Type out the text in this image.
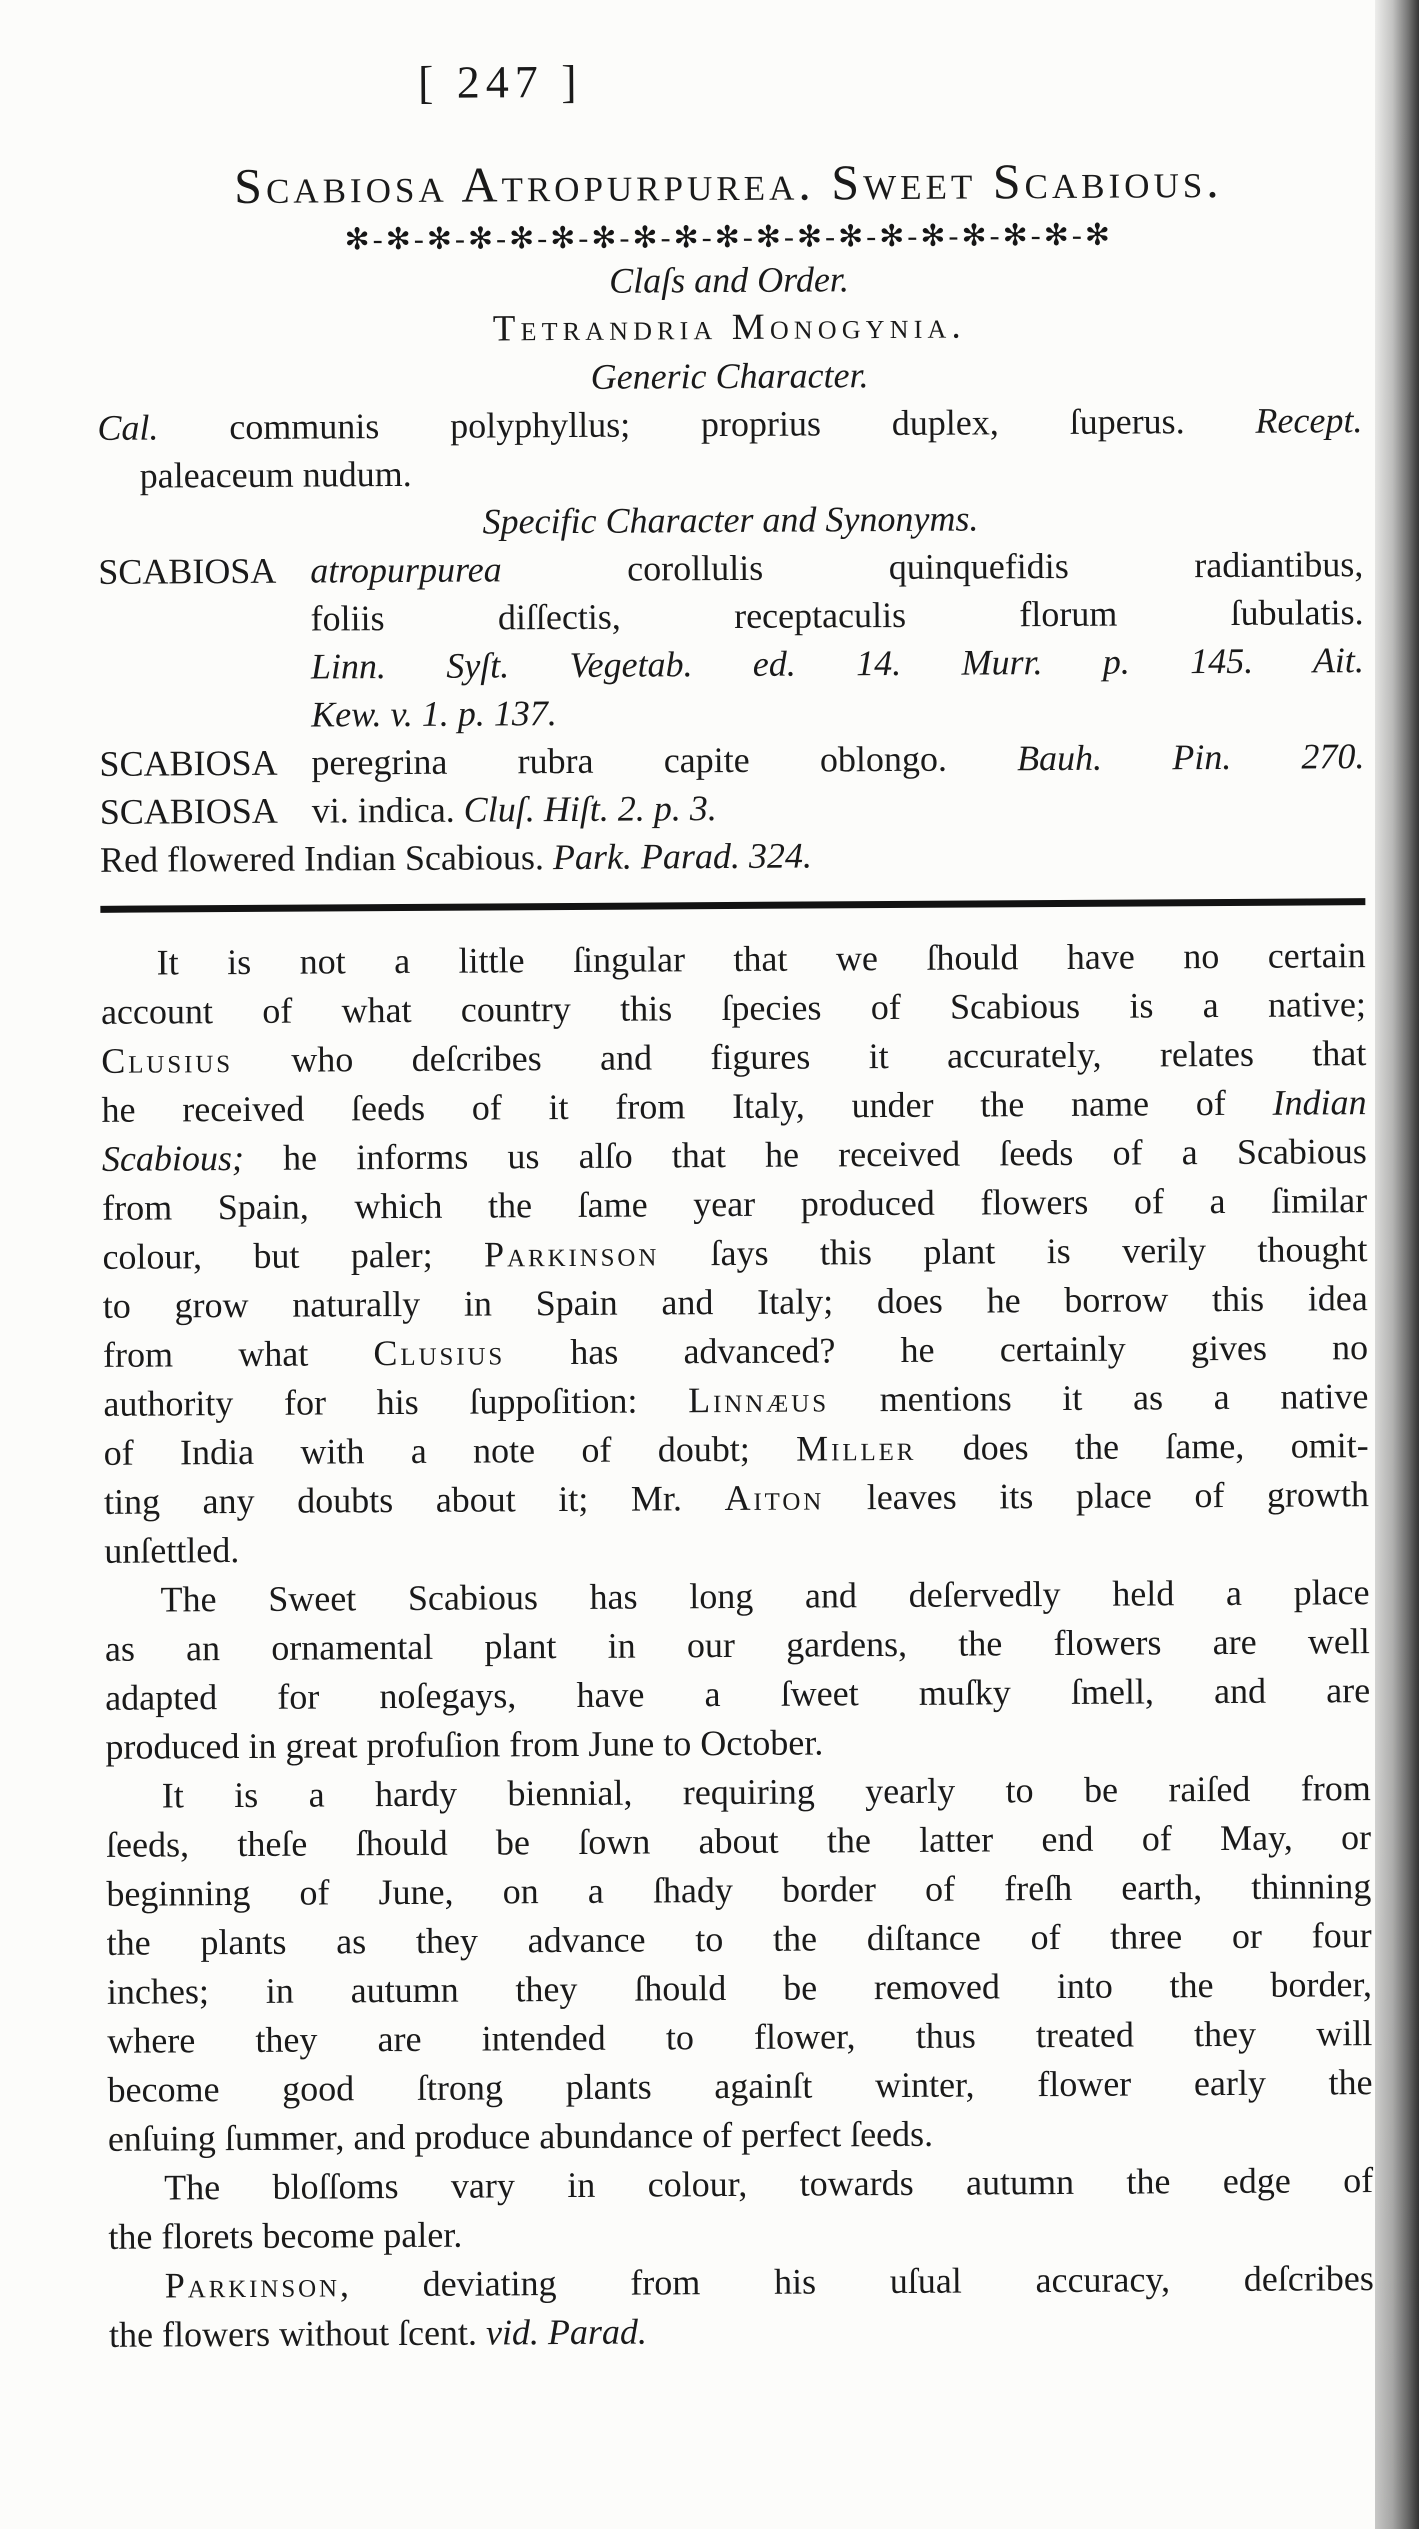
[ 247 ]
Scabiosa Atropurpurea. Sweet Scabious.
✻-✻-✻-✻-✻-✻-✻-✻-✻-✻-✻-✻-✻-✻-✻-✻-✻-✻-✻
Claſs and Order.
Tetrandria Monogynia.
Generic Character.
Cal. communis polyphyllus; proprius duplex, ſuperus. Recept.
paleaceum nudum.
Specific Character and Synonyms.
SCABIOSA atropurpurea corollulis quinquefidis radiantibus,
foliis diſſectis, receptaculis florum ſubulatis.
Linn. Syſt. Vegetab. ed. 14. Murr. p. 145. Ait.
Kew. v. 1. p. 137.
SCABIOSA peregrina rubra capite oblongo. Bauh. Pin. 270.
SCABIOSA vi. indica. Cluſ. Hiſt. 2. p. 3.
Red flowered Indian Scabious. Park. Parad. 324.
It is not a little ſingular that we ſhould have no certain
account of what country this ſpecies of Scabious is a native;
Clusius who deſcribes and figures it accurately, relates that
he received ſeeds of it from Italy, under the name of Indian
Scabious; he informs us alſo that he received ſeeds of a Scabious
from Spain, which the ſame year produced flowers of a ſimilar
colour, but paler; Parkinson ſays this plant is verily thought
to grow naturally in Spain and Italy; does he borrow this idea
from what Clusius has advanced? he certainly gives no
authority for his ſuppoſition: Linnæus mentions it as a native
of India with a note of doubt; Miller does the ſame, omit-
ting any doubts about it; Mr. Aiton leaves its place of growth
unſettled.
The Sweet Scabious has long and deſervedly held a place
as an ornamental plant in our gardens, the flowers are well
adapted for noſegays, have a ſweet muſky ſmell, and are
produced in great profuſion from June to October.
It is a hardy biennial, requiring yearly to be raiſed from
ſeeds, theſe ſhould be ſown about the latter end of May, or
beginning of June, on a ſhady border of freſh earth, thinning
the plants as they advance to the diſtance of three or four
inches; in autumn they ſhould be removed into the border,
where they are intended to flower, thus treated they will
become good ſtrong plants againſt winter, flower early the
enſuing ſummer, and produce abundance of perfect ſeeds.
The bloſſoms vary in colour, towards autumn the edge of
the florets become paler.
Parkinson, deviating from his uſual accuracy, deſcribes
the flowers without ſcent. vid. Parad.
